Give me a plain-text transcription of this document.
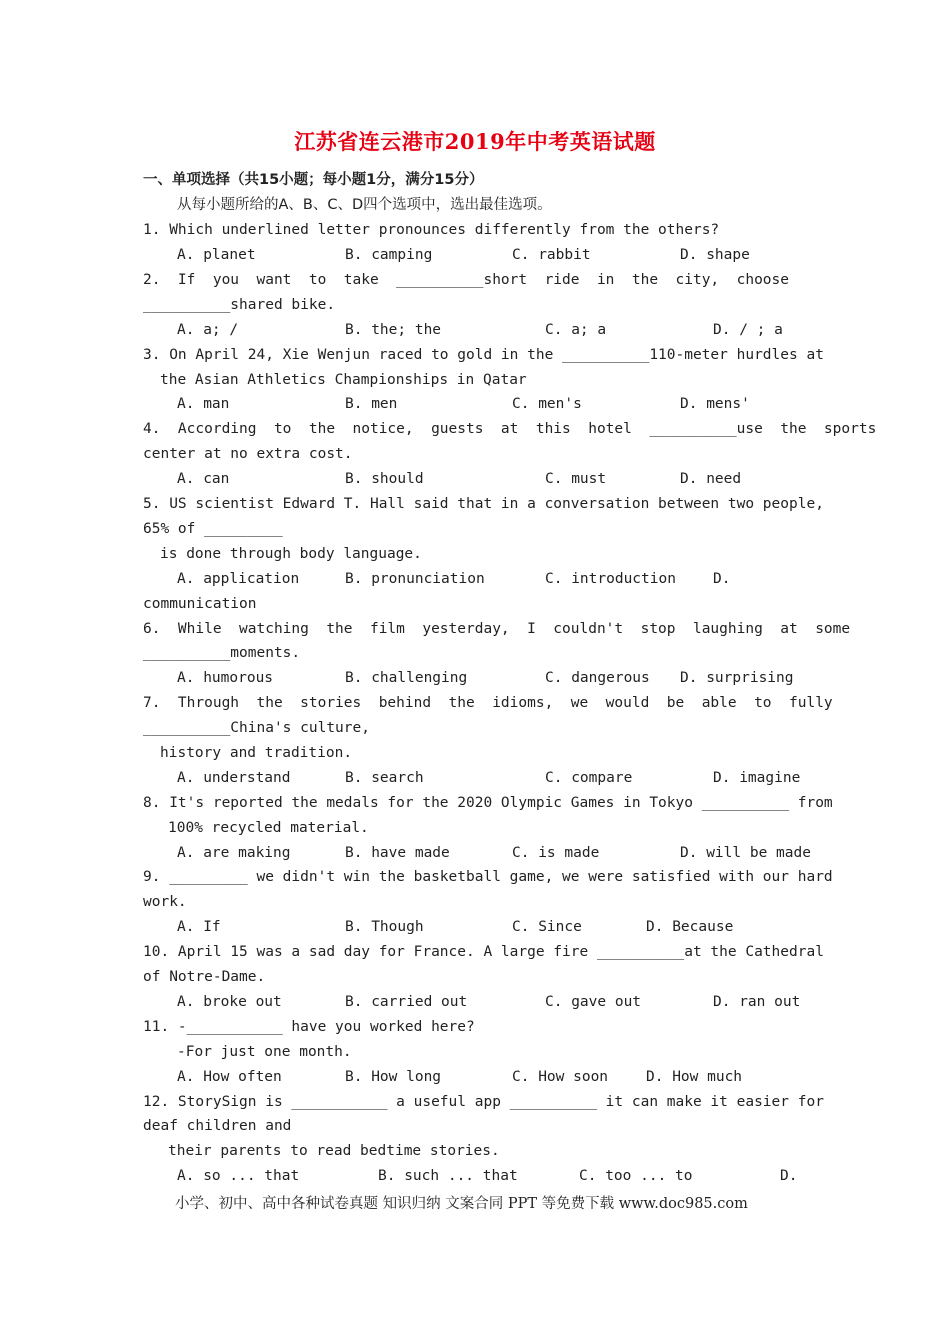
江苏省连云港市2019年中考英语试题
一、单项选择（共15小题；每小题1分，满分15分）
从每小题所给的A、B、C、D四个选项中，选出最佳选项。
1. Which underlined letter pronounces differently from the others?
A. planet	B. camping	C. rabbit	D. shape
2.  If  you  want  to  take  __________short  ride  in  the  city,  choose
__________shared bike.
A. a; /	B. the; the	C. a; a	D. / ; a
3. On April 24, Xie Wenjun raced to gold in the __________110-meter hurdles at
the Asian Athletics Championships in Qatar
A. man	B. men	C. men's	D. mens'
4.  According  to  the  notice,  guests  at  this  hotel  __________use  the  sports
center at no extra cost.
A. can	B. should	C. must	D. need
5. US scientist Edward T. Hall said that in a conversation between two people,
65% of _________
is done through body language.
A. application	B. pronunciation	C. introduction	D.
communication
6.  While  watching  the  film  yesterday,  I  couldn't  stop  laughing  at  some
__________moments.
A. humorous	B. challenging	C. dangerous D. surprising
7.  Through  the  stories  behind  the  idioms,  we  would  be  able  to  fully
__________China's culture,
history and tradition.
A. understand	B. search	C. compare	D. imagine
8. It's reported the medals for the 2020 Olympic Games in Tokyo __________ from
100% recycled material.
A. are making	B. have made	C. is made	D. will be made
9. _________ we didn't win the basketball game, we were satisfied with our hard
work.
A. If	B. Though	C. Since	D. Because
10. April 15 was a sad day for France. A large fire __________at the Cathedral
of Notre-Dame.
A. broke out	B. carried out	C. gave out	D. ran out
11. -___________ have you worked here?
-For just one month.
A. How often	B. How long	C. How soon	D. How much
12. StorySign is ___________ a useful app __________ it can make it easier for
deaf children and
their parents to read bedtime stories.
A. so ... that	B. such ... that	C. too ... to	D.
小学、初中、高中各种试卷真题 知识归纳 文案合同 PPT 等免费下载 www.doc985.com
